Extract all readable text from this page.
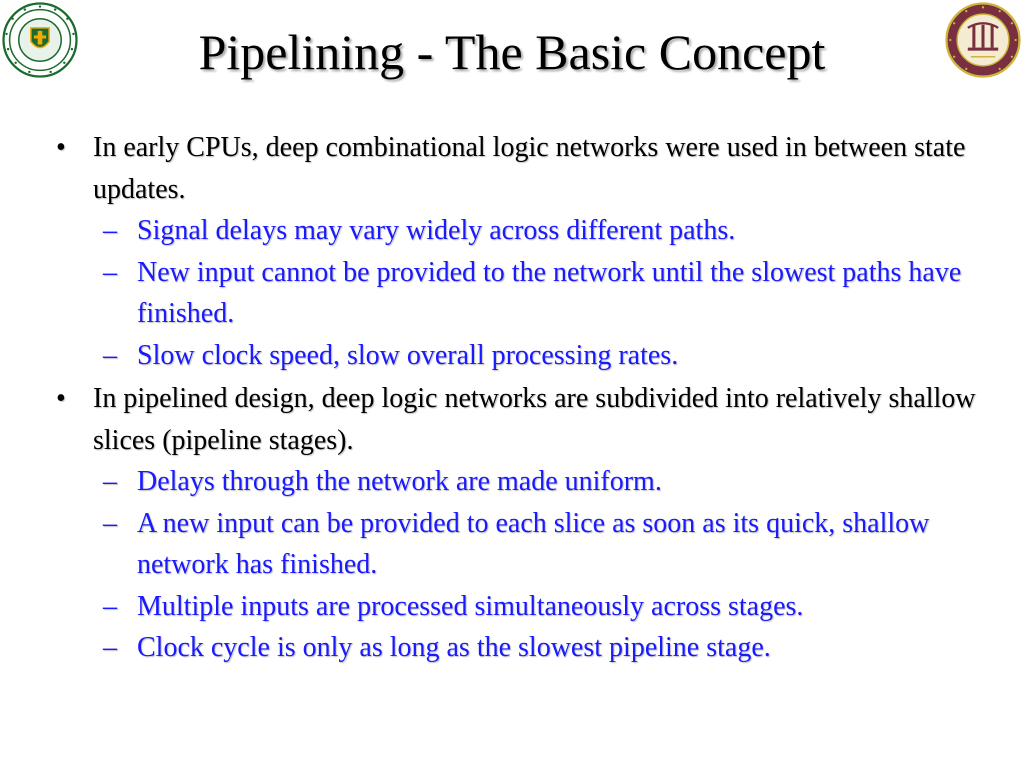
Pipelining - The Basic Concept
• In early CPUs, deep combinational logic networks were used in between state updates.
– Signal delays may vary widely across different paths.
– New input cannot be provided to the network until the slowest paths have finished.
– Slow clock speed, slow overall processing rates.
• In pipelined design, deep logic networks are subdivided into relatively shallow slices (pipeline stages).
– Delays through the network are made uniform.
– A new input can be provided to each slice as soon as its quick, shallow network has finished.
– Multiple inputs are processed simultaneously across stages.
– Clock cycle is only as long as the slowest pipeline stage.
